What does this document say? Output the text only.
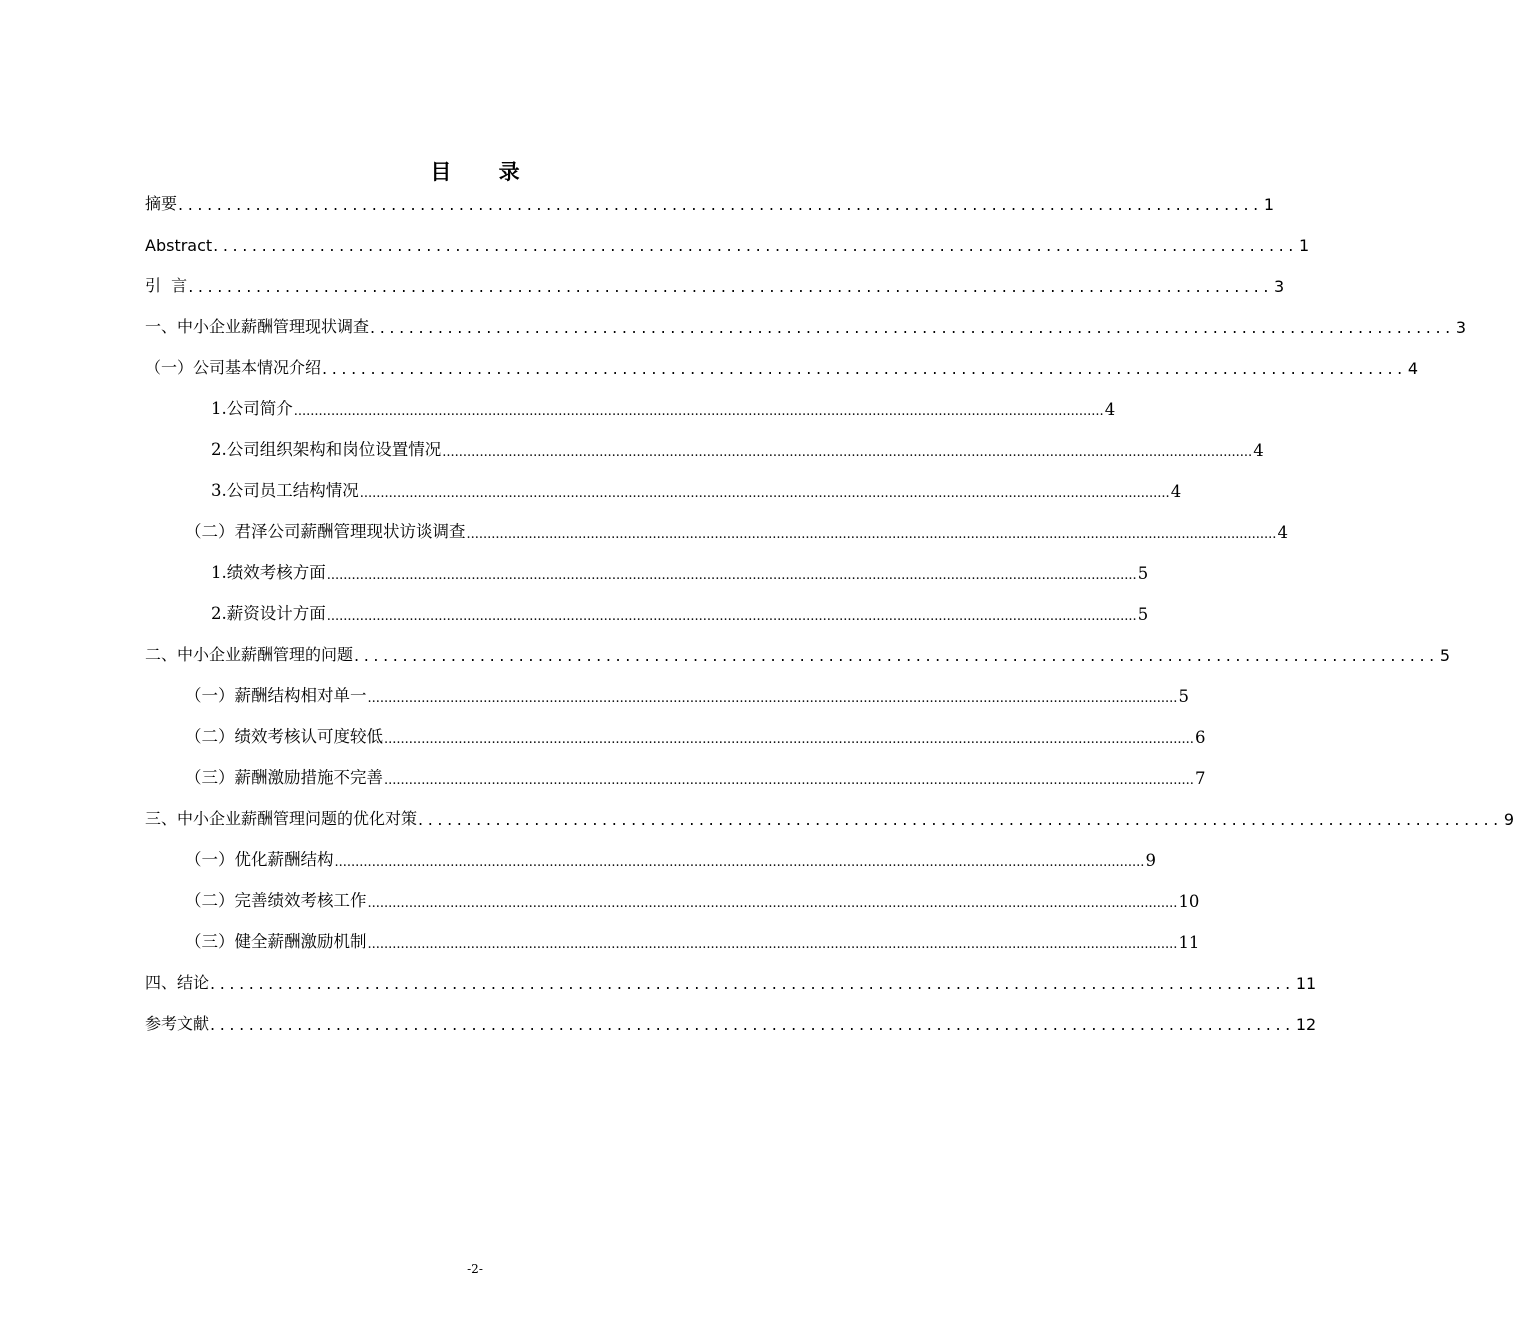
目 录
摘要 ................................................................................................................ 1
Abstract ................................................................................................................ 1
引  言 ................................................................................................................ 3
一、中小企业薪酬管理现状调查 ................................................................................................................ 3
（一）公司基本情况介绍 ................................................................................................................ 4
1.公司简介 .................................................................................................................................................................................................... 4
2.公司组织架构和岗位设置情况 .................................................................................................................................................................................................... 4
3.公司员工结构情况 .................................................................................................................................................................................................... 4
（二）君泽公司薪酬管理现状访谈调查 .................................................................................................................................................................................................... 4
1.绩效考核方面 .................................................................................................................................................................................................... 5
2.薪资设计方面 .................................................................................................................................................................................................... 5
二、中小企业薪酬管理的问题 ................................................................................................................ 5
（一）薪酬结构相对单一 .................................................................................................................................................................................................... 5
（二）绩效考核认可度较低 .................................................................................................................................................................................................... 6
（三）薪酬激励措施不完善 .................................................................................................................................................................................................... 7
三、中小企业薪酬管理问题的优化对策 ................................................................................................................ 9
（一）优化薪酬结构 .................................................................................................................................................................................................... 9
（二）完善绩效考核工作 .................................................................................................................................................................................................... 10
（三）健全薪酬激励机制 .................................................................................................................................................................................................... 11
四、结论 ................................................................................................................ 11
参考文献 ................................................................................................................ 12
-2-
